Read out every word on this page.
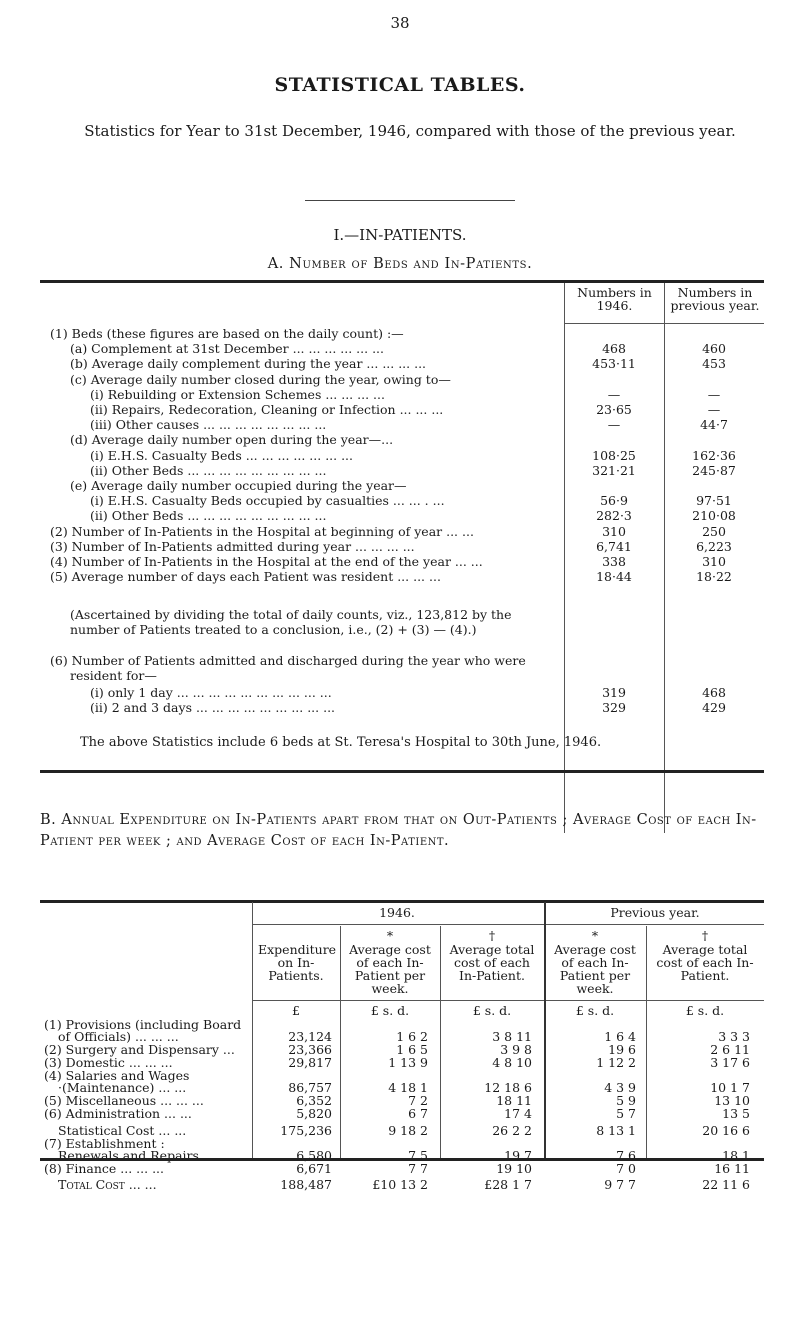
38
STATISTICAL TABLES.
Statistics for Year to 31st December, 1946, compared with those of the previous year.
I.—IN-PATIENTS.
A. Number of Beds and In-Patients.
Numbers in 1946.
Numbers in previous year.
(1) Beds (these figures are based on the daily count) :—
(a) Complement at 31st December ... ... ... ... ... ...	468	460
(b) Average daily complement during the year ... ... ... ...	453·11	453
(c) Average daily number closed during the year, owing to—
(i) Rebuilding or Extension Schemes ... ... ... ...	—	—
(ii) Repairs, Redecoration, Cleaning or Infection ... ... ...	23·65	—
(iii) Other causes ... ... ... ... ... ... ... ...	—	44·7
(d) Average daily number open during the year—...
(i) E.H.S. Casualty Beds ... ... ... ... ... ... ...	108·25	162·36
(ii) Other Beds ... ... ... ... ... ... ... ... ...	321·21	245·87
(e) Average daily number occupied during the year—
(i) E.H.S. Casualty Beds occupied by casualties ... ... . ...	56·9	97·51
(ii) Other Beds ... ... ... ... ... ... ... ... ...	282·3	210·08
(2) Number of In-Patients in the Hospital at beginning of year ... ...	310	250
(3) Number of In-Patients admitted during year ... ... ... ...	6,741	6,223
(4) Number of In-Patients in the Hospital at the end of the year ... ...	338	310
(5) Average number of days each Patient was resident ... ... ...	18·44	18·22
(Ascertained by dividing the total of daily counts, viz., 123,812 by the
number of Patients treated to a conclusion, i.e., (2) + (3) — (4).)
(6) Number of Patients admitted and discharged during the year who were
resident for—
(i) only 1 day ... ... ... ... ... ... ... ... ... ...	319	468
(ii) 2 and 3 days ... ... ... ... ... ... ... ... ...	329	429
The above Statistics include 6 beds at St. Teresa's Hospital to 30th June, 1946.
B. Annual Expenditure on In-Patients apart from that on Out-Patients ; Average Cost of each In-Patient per week ; and Average Cost of each In-Patient.
1946.	Previous year.
Expenditure on In-Patients.
£
*
Average cost of each In-Patient per week.
£ s. d.
†
Average total cost of each In-Patient.
£ s. d.
*
Average cost of each In-Patient per week.
£ s. d.
†
Average total cost of each In-Patient.
£ s. d.
(1) Provisions (including Board
of Officials) ... ... ...	23,124	1 6 2	3 8 11	1 6 4	3 3 3
(2) Surgery and Dispensary ...	23,366	1 6 5	3 9 8	19 6	2 6 11
(3) Domestic ... ... ...	29,817	1 13 9	4 8 10	1 12 2	3 17 6
(4) Salaries and Wages
·(Maintenance) ... ...	86,757	4 18 1	12 18 6	4 3 9	10 1 7
(5) Miscellaneous ... ... ...	6,352	7 2	18 11	5 9	13 10
(6) Administration ... ...	5,820	6 7	17 4	5 7	13 5
Statistical Cost ... ...	175,236	9 18 2	26 2 2	8 13 1	20 16 6
(7) Establishment :
Renewals and Repairs ...	6,580	7 5	19 7	7 6	18 1
(8) Finance ... ... ...	6,671	7 7	19 10	7 0	16 11
Total Cost ... ...	188,487	£10 13 2	£28 1 7	9 7 7	22 11 6
